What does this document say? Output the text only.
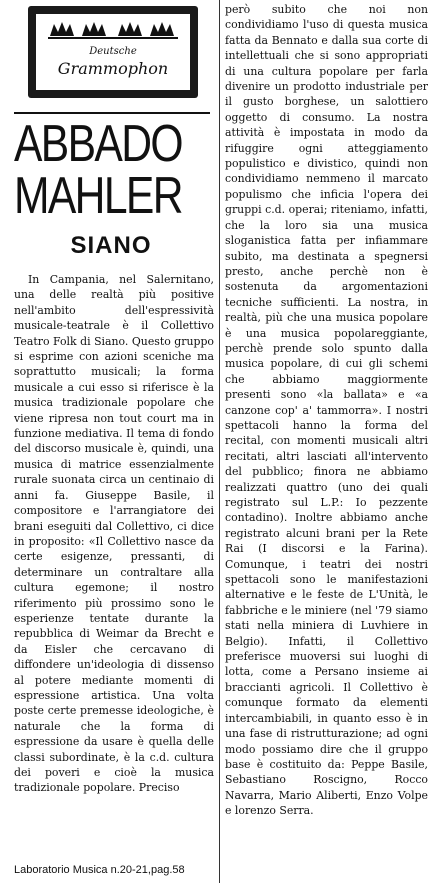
Deutsche
Grammophon
ABBADO
MAHLER
SIANO

In Campania, nel Salernitano, una delle realtà più positive nell'ambito dell'espressività musicale-teatrale è il Collettivo Teatro Folk di Siano. Questo gruppo si esprime con azioni sceniche ma soprattutto musicali; la forma musicale a cui esso si riferisce è la musica tradizionale popolare che viene ripresa non tout court ma in funzione mediativa. Il tema di fondo del discorso musicale è, quindi, una musica di matrice essenzialmente rurale suonata circa un centinaio di anni fa. Giuseppe Basile, il compositore e l'arrangiatore dei brani eseguiti dal Collettivo, ci dice in proposito: «Il Collettivo nasce da certe esigenze, pressanti, di determinare un contraltare alla cultura egemone; il nostro riferimento più prossimo sono le esperienze tentate durante la repubblica di Weimar da Brecht e da Eisler che cercavano di diffondere un'ideologia di dissenso al potere mediante momenti di espressione artistica. Una volta poste certe premesse ideologiche, è naturale che la forma di espressione da usare è quella delle classi subordinate, è la c.d. cultura dei poveri e cioè la musica tradizionale popolare. Preciso

Laboratorio Musica n.20-21,pag.58

però subito che noi non condividiamo l'uso di questa musica fatta da Bennato e dalla sua corte di intellettuali che si sono appropriati di una cultura popolare per farla divenire un prodotto industriale per il gusto borghese, un salottiero oggetto di consumo. La nostra attività è impostata in modo da rifuggire ogni atteggiamento populistico e divistico, quindi non condividiamo nemmeno il marcato populismo che inficia l'opera dei gruppi c.d. operai; riteniamo, infatti, che la loro sia una musica sloganistica fatta per infiammare subito, ma destinata a spegnersi presto, anche perchè non è sostenuta da argomentazioni tecniche sufficienti. La nostra, in realtà, più che una musica popolare è una musica popolareggiante, perchè prende solo spunto dalla musica popolare, di cui gli schemi che abbiamo maggiormente presenti sono «la ballata» e «a canzone cop' a' tammorra». I nostri spettacoli hanno la forma del recital, con momenti musicali altri recitati, altri lasciati all'intervento del pubblico; finora ne abbiamo realizzati quattro (uno dei quali registrato sul L.P.: Io pezzente contadino). Inoltre abbiamo anche registrato alcuni brani per la Rete Rai (I discorsi e la Farina). Comunque, i teatri dei nostri spettacoli sono le manifestazioni alternative e le feste de L'Unità, le fabbriche e le miniere (nel '79 siamo stati nella miniera di Luvhiere in Belgio). Infatti, il Collettivo preferisce muoversi sui luoghi di lotta, come a Persano insieme ai braccianti agricoli. Il Collettivo è comunque formato da elementi intercambiabili, in quanto esso è in una fase di ristrutturazione; ad ogni modo possiamo dire che il gruppo base è costituito da: Peppe Basile, Sebastiano Roscigno, Rocco Navarra, Mario Aliberti, Enzo Volpe e lorenzo Serra.
